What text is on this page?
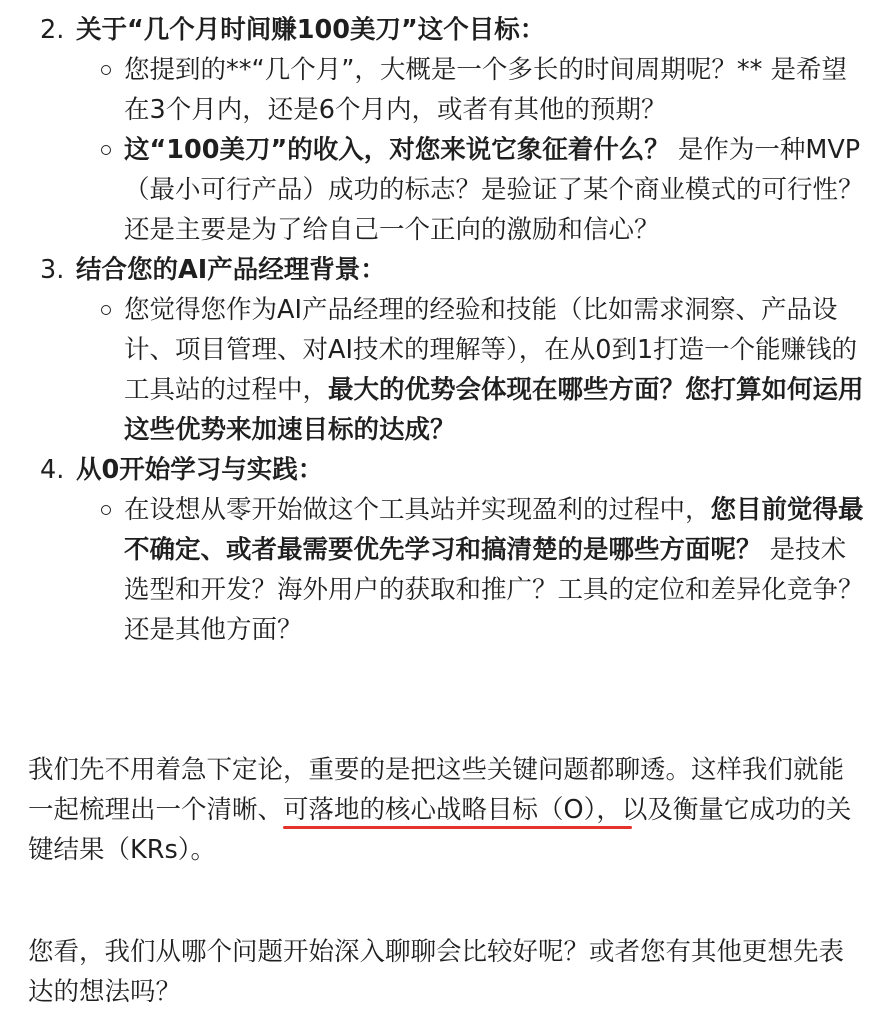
2. 关于“几个月时间赚100美刀”这个目标：
您提到的**“几个月”，大概是一个多长的时间周期呢？** 是希望在3个月内，还是6个月内，或者有其他的预期？
这“100美刀”的收入，对您来说它象征着什么？ 是作为一种MVP（最小可行产品）成功的标志？是验证了某个商业模式的可行性？还是主要是为了给自己一个正向的激励和信心？
3. 结合您的AI产品经理背景：
您觉得您作为AI产品经理的经验和技能（比如需求洞察、产品设计、项目管理、对AI技术的理解等），在从0到1打造一个能赚钱的工具站的过程中，最大的优势会体现在哪些方面？您打算如何运用这些优势来加速目标的达成？
4. 从0开始学习与实践：
在设想从零开始做这个工具站并实现盈利的过程中，您目前觉得最不确定、或者最需要优先学习和搞清楚的是哪些方面呢？ 是技术选型和开发？海外用户的获取和推广？工具的定位和差异化竞争？还是其他方面？

我们先不用着急下定论，重要的是把这些关键问题都聊透。这样我们就能一起梳理出一个清晰、可落地的核心战略目标（O），
以及衡量它成功的关键结果（KRs）。

您看，我们从哪个问题开始深入聊聊会比较好呢？或者您有其他更想先表达的想法吗？
